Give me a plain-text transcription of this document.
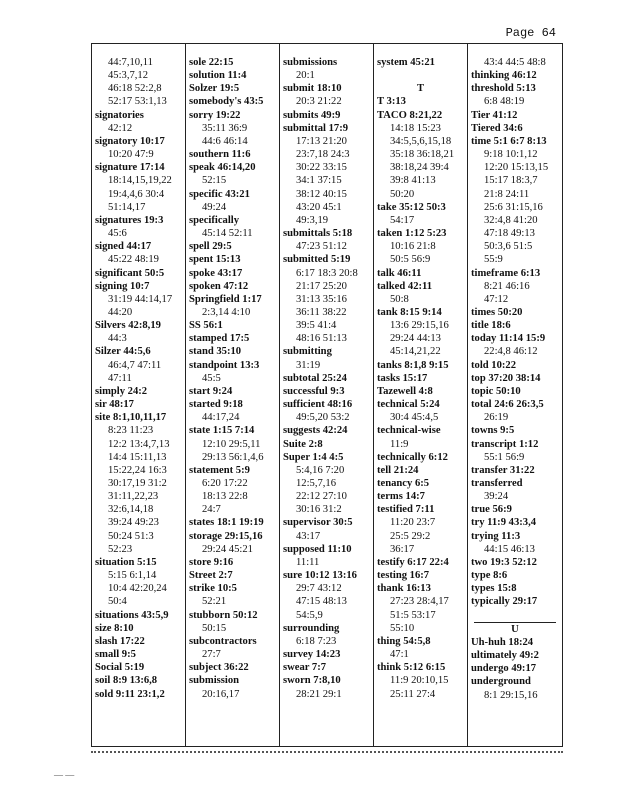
Page 64
44:7,10,11
45:3,7,12
46:18 52:2,8
52:17 53:1,13
signatories
42:12
signatory 10:17
10:20 47:9
signature 17:14
18:14,15,19,22
19:4,4,6 30:4
51:14,17
signatures 19:3
45:6
signed 44:17
45:22 48:19
significant 50:5
signing 10:7
31:19 44:14,17
44:20
Silvers 42:8,19
44:3
Silzer 44:5,6
46:4,7 47:11
47:11
simply 24:2
sir 48:17
site 8:1,10,11,17
8:23 11:23
12:2 13:4,7,13
14:4 15:11,13
15:22,24 16:3
30:17,19 31:2
31:11,22,23
32:6,14,18
39:24 49:23
50:24 51:3
52:23
situation 5:15
5:15 6:1,14
10:4 42:20,24
50:4
situations 43:5,9
size 8:10
slash 17:22
small 9:5
Social 5:19
soil 8:9 13:6,8
sold 9:11 23:1,2
sole 22:15
solution 11:4
Solzer 19:5
somebody's 43:5
sorry 19:22
35:11 36:9
44:6 46:14
southern 11:6
speak 46:14,20
52:15
specific 43:21
49:24
specifically
45:14 52:11
spell 29:5
spent 15:13
spoke 43:17
spoken 47:12
Springfield 1:17
2:3,14 4:10
SS 56:1
stamped 17:5
stand 35:10
standpoint 13:3
45:5
start 9:24
started 9:18
44:17,24
state 1:15 7:14
12:10 29:5,11
29:13 56:1,4,6
statement 5:9
6:20 17:22
18:13 22:8
24:7
states 18:1 19:19
storage 29:15,16
29:24 45:21
store 9:16
Street 2:7
strike 10:5
52:21
stubborn 50:12
50:15
subcontractors
27:7
subject 36:22
submission
20:16,17
submissions
20:1
submit 18:10
20:3 21:22
submits 49:9
submittal 17:9
17:13 21:20
23:7,18 24:3
30:22 33:15
34:1 37:15
38:12 40:15
43:20 45:1
49:3,19
submittals 5:18
47:23 51:12
submitted 5:19
6:17 18:3 20:8
21:17 25:20
31:13 35:16
36:11 38:22
39:5 41:4
48:16 51:13
submitting
31:19
subtotal 25:24
successful 9:3
sufficient 48:16
49:5,20 53:2
suggests 42:24
Suite 2:8
Super 1:4 4:5
5:4,16 7:20
12:5,7,16
22:12 27:10
30:16 31:2
supervisor 30:5
43:17
supposed 11:10
11:11
sure 10:12 13:16
29:7 43:12
47:15 48:13
54:5,9
surrounding
6:18 7:23
survey 14:23
swear 7:7
sworn 7:8,10
28:21 29:1
system 45:21

T
T 3:13
TACO 8:21,22
14:18 15:23
34:5,5,6,15,18
35:18 36:18,21
38:18,24 39:4
39:8 41:13
50:20
take 35:12 50:3
54:17
taken 1:12 5:23
10:16 21:8
50:5 56:9
talk 46:11
talked 42:11
50:8
tank 8:15 9:14
13:6 29:15,16
29:24 44:13
45:14,21,22
tanks 8:1,8 9:15
tasks 15:17
Tazewell 4:8
technical 5:24
30:4 45:4,5
technical-wise
11:9
technically 6:12
tell 21:24
tenancy 6:5
terms 14:7
testified 7:11
11:20 23:7
25:5 29:2
36:17
testify 6:17 22:4
testing 16:7
thank 16:13
27:23 28:4,17
51:5 53:17
55:10
thing 54:5,8
47:1
think 5:12 6:15
11:9 20:10,15
25:11 27:4
43:4 44:5 48:8
thinking 46:12
threshold 5:13
6:8 48:19
Tier 41:12
Tiered 34:6
time 5:1 6:7 8:13
9:18 10:1,12
12:20 15:13,15
15:17 18:3,7
21:8 24:11
25:6 31:15,16
32:4,8 41:20
47:18 49:13
50:3,6 51:5
55:9
timeframe 6:13
8:21 46:16
47:12
times 50:20
title 18:6
today 11:14 15:9
22:4,8 46:12
told 10:22
top 37:20 38:14
topic 50:10
total 24:6 26:3,5
26:19
towns 9:5
transcript 1:12
55:1 56:9
transfer 31:22
transferred
39:24
true 56:9
try 11:9 43:3,4
trying 11:3
44:15 46:13
two 19:3 52:12
type 8:6
types 15:8
typically 29:17

U
Uh-huh 18:24
ultimately 49:2
undergo 49:17
underground
8:1 29:15,16
— —
